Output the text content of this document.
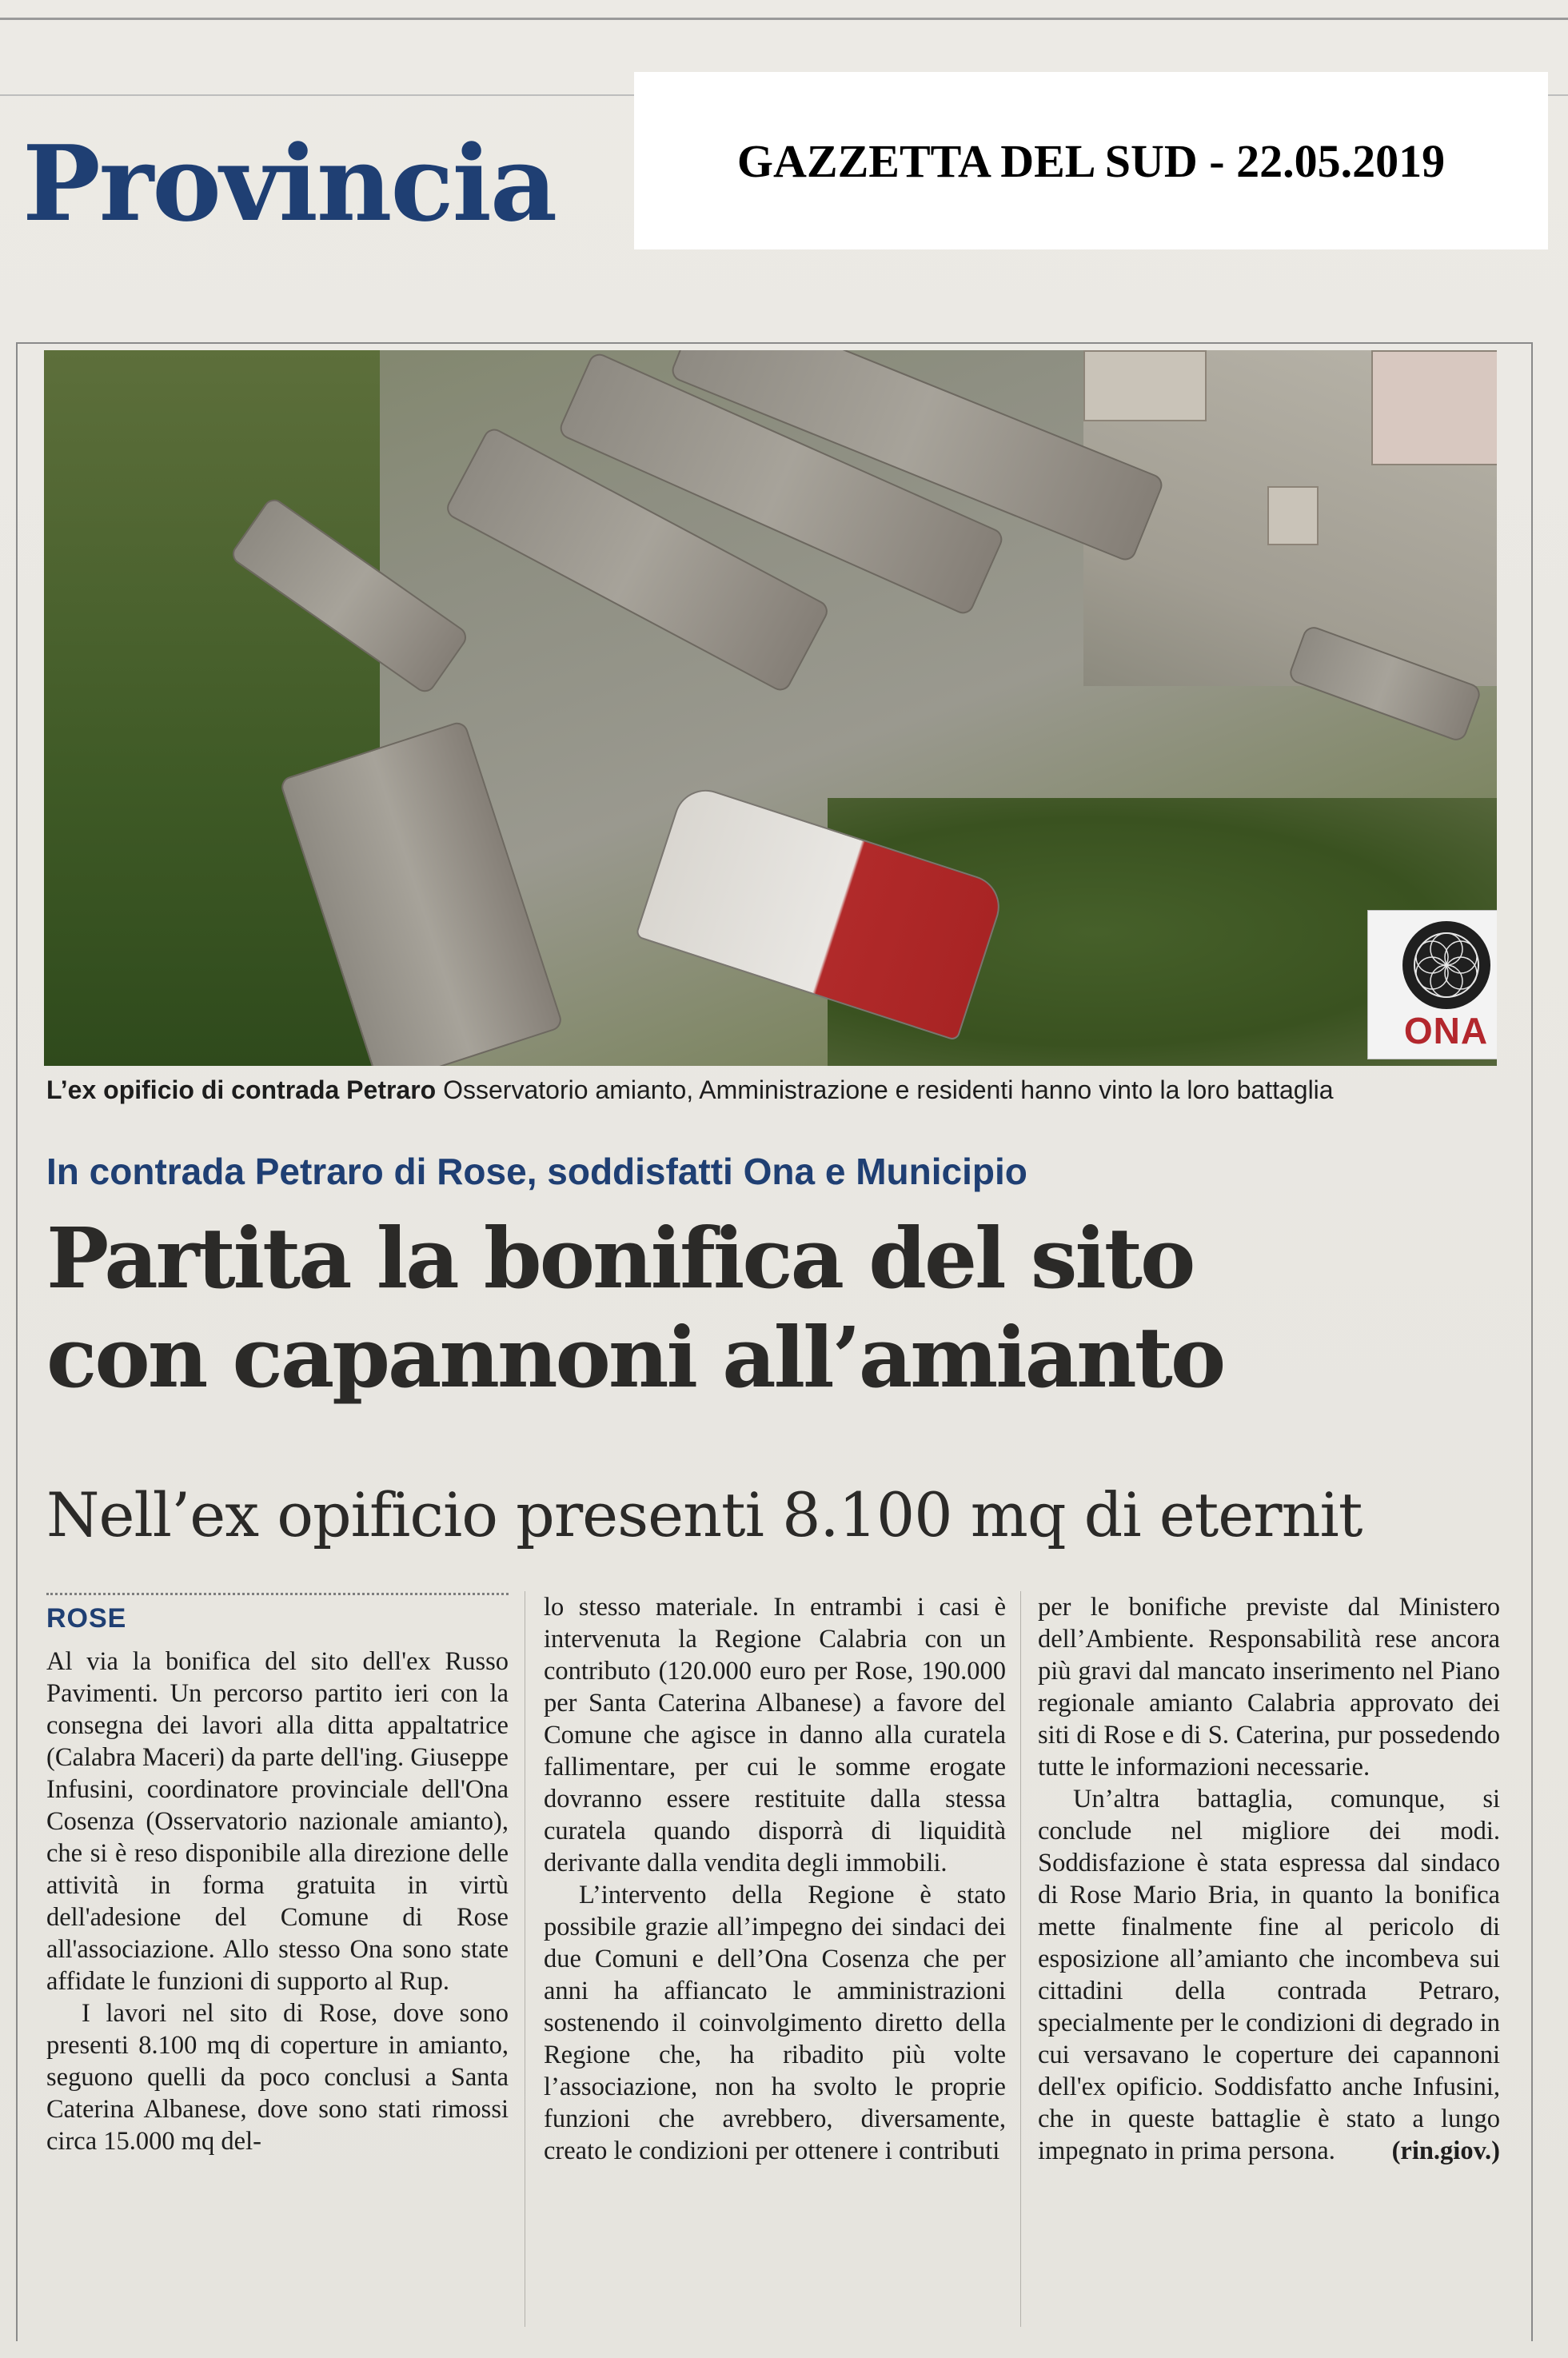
Provincia	GAZZETTA DEL SUD - 22.05.2019
ONA
L’ex opificio di contrada Petraro Osservatorio amianto, Amministrazione e residenti hanno vinto la loro battaglia
In contrada Petraro di Rose, soddisfatti Ona e Municipio
Partita la bonifica del sito
con capannoni all’amianto
Nell’ex opificio presenti 8.100 mq di eternit
ROSE

Al via la bonifica del sito dell'ex Russo Pavimenti. Un percorso partito ieri con la consegna dei lavori alla ditta appaltatrice (Calabra Maceri) da parte dell'ing. Giuseppe Infusini, coordinatore provinciale dell'Ona Cosenza (Osservatorio nazionale amianto), che si è reso disponibile alla direzione delle attività in forma gratuita in virtù dell'adesione del Comune di Rose all'associazione. Allo stesso Ona sono state affidate le funzioni di supporto al Rup.

I lavori nel sito di Rose, dove sono presenti 8.100 mq di coperture in amianto, seguono quelli da poco conclusi a Santa Caterina Albanese, dove sono stati rimossi circa 15.000 mq del-

lo stesso materiale. In entrambi i casi è intervenuta la Regione Calabria con un contributo (120.000 euro per Rose, 190.000 per Santa Caterina Albanese) a favore del Comune che agisce in danno alla curatela fallimentare, per cui le somme erogate dovranno essere restituite dalla stessa curatela quando disporrà di liquidità derivante dalla vendita degli immobili.

L’intervento della Regione è stato possibile grazie all’impegno dei sindaci dei due Comuni e dell’Ona Cosenza che per anni ha affiancato le amministrazioni sostenendo il coinvolgimento diretto della Regione che, ha ribadito più volte l’associazione, non ha svolto le proprie funzioni che avrebbero, diversamente, creato le condizioni per ottenere i contributi

per le bonifiche previste dal Ministero dell’Ambiente. Responsabilità rese ancora più gravi dal mancato inserimento nel Piano regionale amianto Calabria approvato dei siti di Rose e di S. Caterina, pur possedendo tutte le informazioni necessarie.

Un’altra battaglia, comunque, si conclude nel migliore dei modi. Soddisfazione è stata espressa dal sindaco di Rose Mario Bria, in quanto la bonifica mette finalmente fine al pericolo di esposizione all’amianto che incombeva sui cittadini della contrada Petraro, specialmente per le condizioni di degrado in cui versavano le coperture dei capannoni dell'ex opificio. Soddisfatto anche Infusini, che in queste battaglie è stato a lungo impegnato in prima persona.	(rin.giov.)
